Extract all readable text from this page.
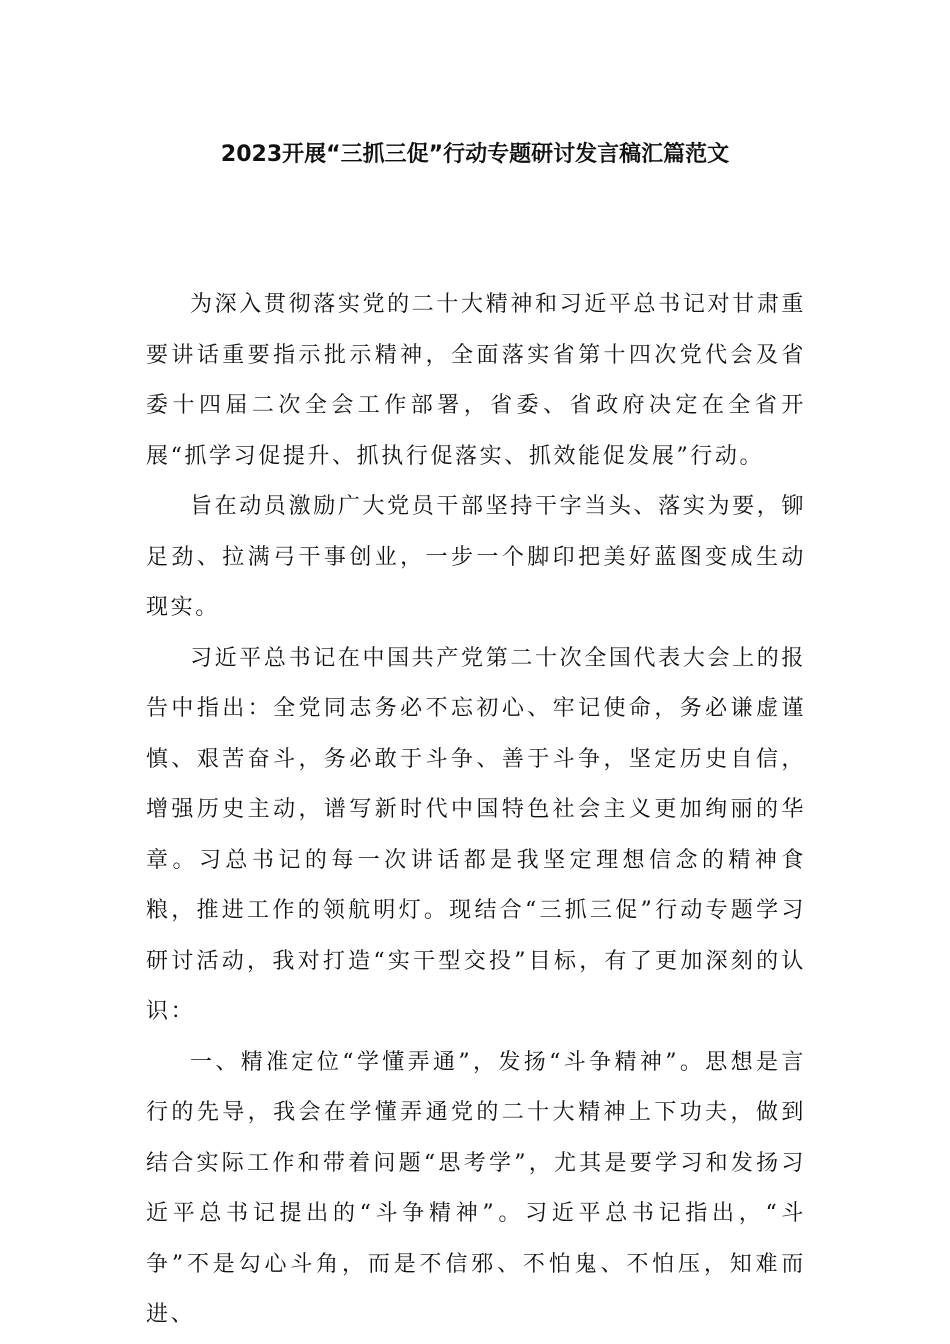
2023开展“三抓三促”行动专题研讨发言稿汇篇范文

为深入贯彻落实党的二十大精神和习近平总书记对甘肃重要讲话重要指示批示精神，全面落实省第十四次党代会及省委十四届二次全会工作部署，省委、省政府决定在全省开展“抓学习促提升、抓执行促落实、抓效能促发展”行动。

旨在动员激励广大党员干部坚持干字当头、落实为要，铆足劲、拉满弓干事创业，一步一个脚印把美好蓝图变成生动现实。

习近平总书记在中国共产党第二十次全国代表大会上的报告中指出：全党同志务必不忘初心、牢记使命，务必谦虚谨慎、艰苦奋斗，务必敢于斗争、善于斗争，坚定历史自信，增强历史主动，谱写新时代中国特色社会主义更加绚丽的华章。习总书记的每一次讲话都是我坚定理想信念的精神食粮，推进工作的领航明灯。现结合“三抓三促”行动专题学习研讨活动，我对打造“实干型交投”目标，有了更加深刻的认识：

一、精准定位“学懂弄通”，发扬“斗争精神”。思想是言行的先导，我会在学懂弄通党的二十大精神上下功夫，做到结合实际工作和带着问题“思考学”，尤其是要学习和发扬习近平总书记提出的“斗争精神”。习近平总书记指出，“斗争”不是勾心斗角，而是不信邪、不怕鬼、不怕压，知难而进、
